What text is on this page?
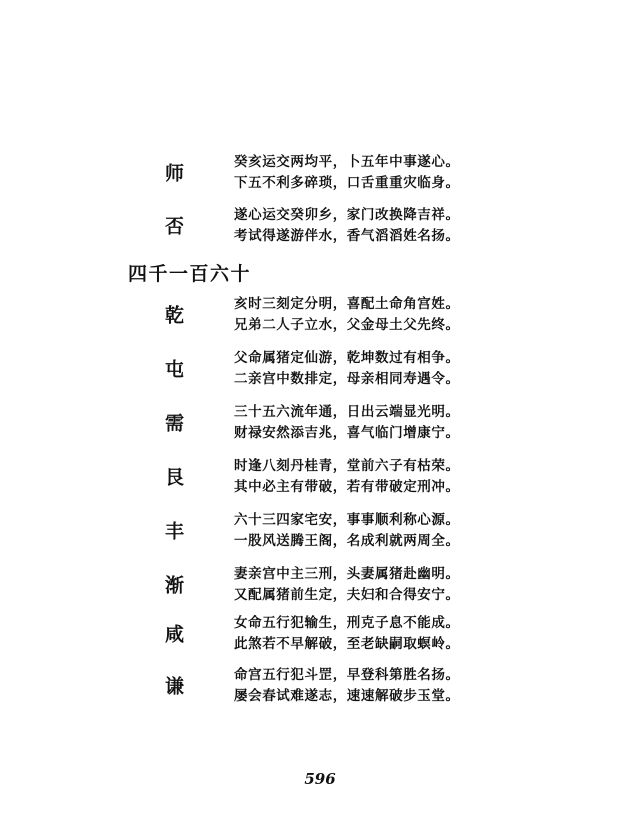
师
癸亥运交两均平，卜五年中事遂心。
下五不利多碎琐，口舌重重灾临身。
否
遂心运交癸卯乡，家门改换降吉祥。
考试得遂游伴水，香气滔滔姓名扬。
四千一百六十
乾
亥时三刻定分明，喜配土命角宫姓。
兄弟二人子立水，父金母土父先终。
屯
父命属猪定仙游，乾坤数过有相争。
二亲宫中数排定，母亲相同寿遇令。
需
三十五六流年通，日出云端显光明。
财禄安然添吉兆，喜气临门增康宁。
艮
时逢八刻丹桂青，堂前六子有枯荣。
其中必主有带破，若有带破定刑冲。
丰
六十三四家宅安，事事顺利称心源。
一股风送腾王阁，名成利就两周全。
渐
妻亲宫中主三刑，头妻属猪赴幽明。
又配属猪前生定，夫妇和合得安宁。
咸
女命五行犯输生，刑克子息不能成。
此煞若不早解破，至老缺嗣取螟岭。
谦
命宫五行犯斗罡，早登科第胜名扬。
屡会春试难遂志，速速解破步玉堂。
596
